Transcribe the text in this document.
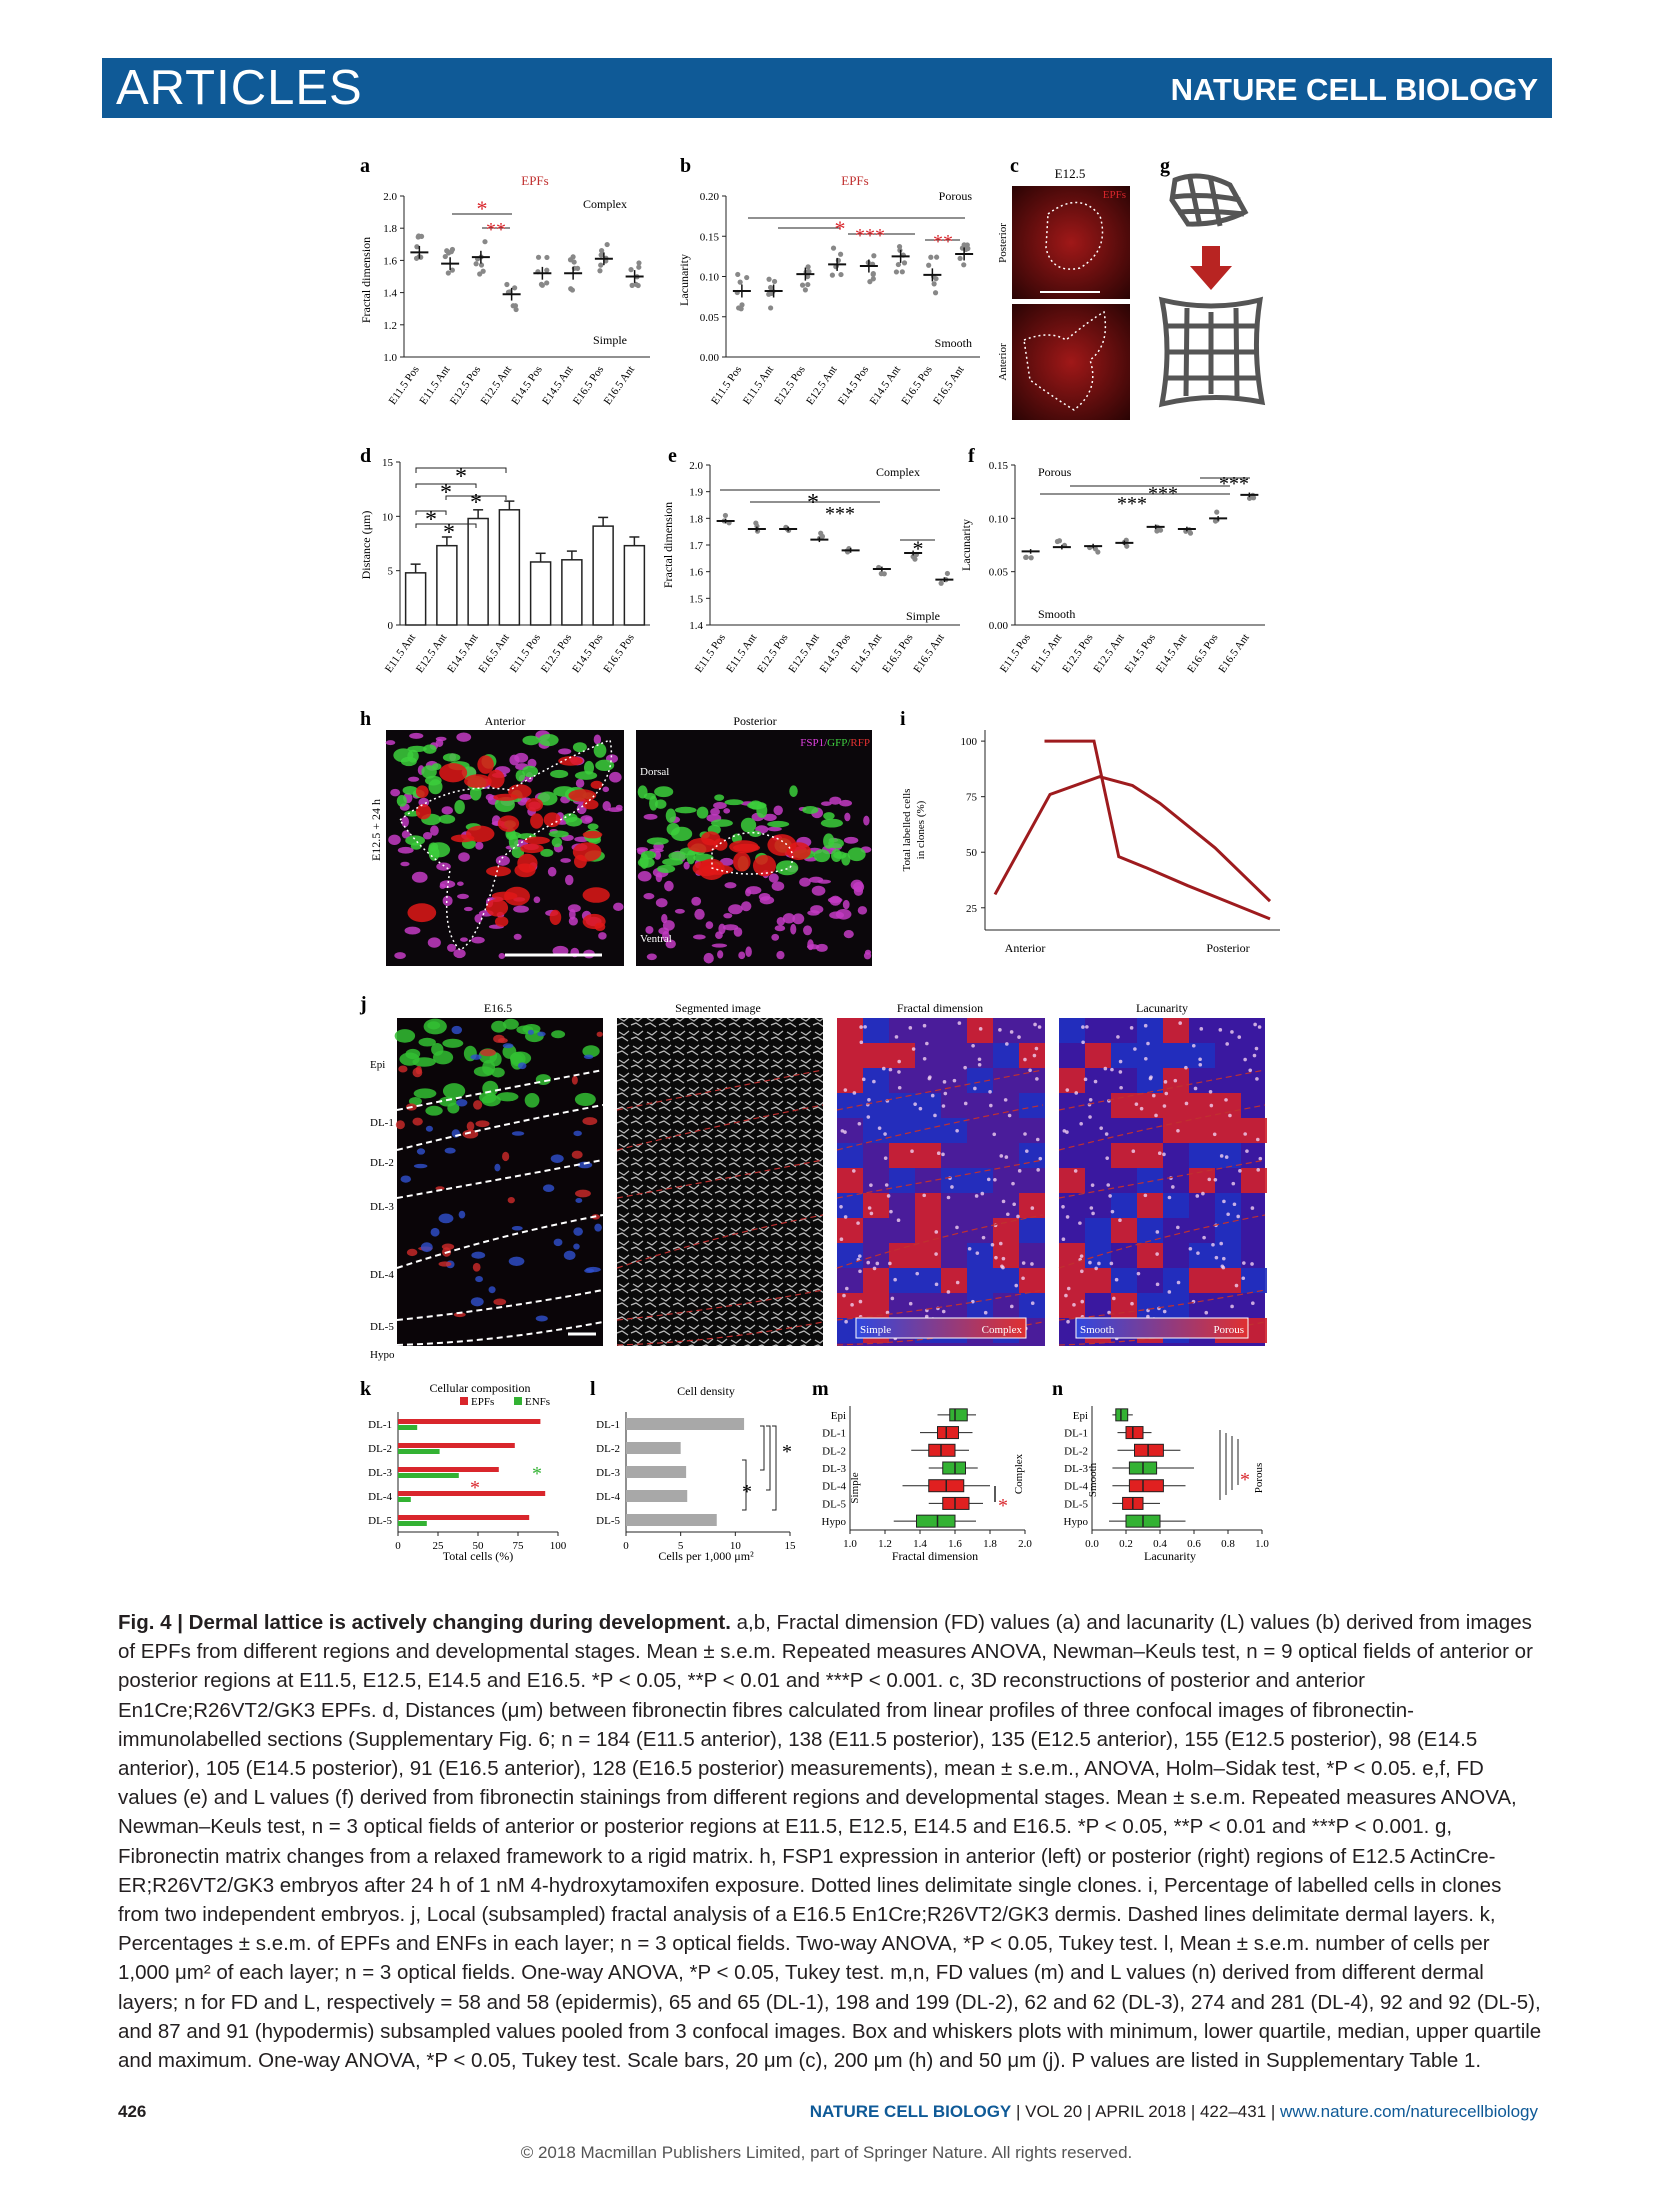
ARTICLES	NATURE CELL BIOLOGY
a	b	c	g
d	e	f
h	i
j
k	l	m	n
EPFs
Complex
Simple
Fractal dimension
2.0
1.8
1.6
1.4
1.2
1.0
E11.5 Pos
E11.5 Ant
E12.5 Pos
E12.5 Ant
E14.5 Pos
E14.5 Ant
E16.5 Pos
E16.5 Ant
*
**
EPFs
Porous
Smooth
Lacunarity
0.20
0.15
0.10
0.05
0.00
E11.5 Pos
E11.5 Ant
E12.5 Pos
E12.5 Ant
E14.5 Pos
E14.5 Ant
E16.5 Pos
E16.5 Ant
* *** **
E12.5
EPFs
Posterior
Anterior
Distance (μm)
15
10
5
0
E11.5 Ant
E12.5 Ant
E14.5 Ant
E16.5 Ant
E11.5 Pos
E12.5 Pos
E14.5 Pos
E16.5 Pos
*
* *
* *	Fractal dimension
Complex
Simple
2.0
1.9
1.8
1.7
1.6
1.5
1.4
E11.5 Pos
E11.5 Ant
E12.5 Pos
E12.5 Ant
E14.5 Pos
E14.5 Ant
E16.5 Pos
E16.5 Ant
* ***
*	Lacunarity
Porous
Smooth
0.15
0.10
0.05
0.00
E11.5 Pos
E11.5 Ant
E12.5 Pos
E12.5 Ant
E14.5 Pos
E14.5 Ant
E16.5 Pos
E16.5 Ant
*** *** ***
Anterior	Posterior
E12.5 + 24 h
FSP1/GFP/RFP
Dorsal
Ventral
Total labelled cells in clones (%)
100
75
50
25
Anterior	Posterior
E16.5	Segmented image	Fractal dimension	Lacunarity
Epi
DL-1
DL-2
DL-3
DL-4
DL-5
Hypo
Simple	Complex	Smooth	Porous
Cellular composition
EPFs	ENFs
0	25	50	75 100
DL-1
DL-2
DL-3
DL-4
DL-5
*
*
Total cells (%)
Cell density
0	5	10	15
DL-1
DL-2
DL-3
DL-4
DL-5
*
*
Cells per 1,000 μm²
1.0 1.2 1.4 1.6 1.8 2.0
Epi
DL-1
DL-2
DL-3
DL-4
DL-5
Hypo
*
Simple	Complex
Fractal dimension
0.0 0.2 0.4 0.6 0.8 1.0
Epi
DL-1
DL-2
DL-3
DL-4
DL-5
Hypo
*
Smooth	Porous
Lacunarity
Fig. 4 | Dermal lattice is actively changing during development. a,b, Fractal dimension (FD) values (a) and lacunarity (L) values (b) derived from images of EPFs from different regions and developmental stages. Mean ± s.e.m. Repeated measures ANOVA, Newman–Keuls test, n = 9 optical fields of anterior or posterior regions at E11.5, E12.5, E14.5 and E16.5. *P < 0.05, **P < 0.01 and ***P < 0.001. c, 3D reconstructions of posterior and anterior En1Cre;R26VT2/GK3 EPFs. d, Distances (μm) between fibronectin fibres calculated from linear profiles of three confocal images of fibronectin-immunolabelled sections (Supplementary Fig. 6; n = 184 (E11.5 anterior), 138 (E11.5 posterior), 135 (E12.5 anterior), 155 (E12.5 posterior), 98 (E14.5 anterior), 105 (E14.5 posterior), 91 (E16.5 anterior), 128 (E16.5 posterior) measurements), mean ± s.e.m., ANOVA, Holm–Sidak test, *P < 0.05. e,f, FD values (e) and L values (f) derived from fibronectin stainings from different regions and developmental stages. Mean ± s.e.m. Repeated measures ANOVA, Newman–Keuls test, n = 3 optical fields of anterior or posterior regions at E11.5, E12.5, E14.5 and E16.5. *P < 0.05, **P < 0.01 and ***P < 0.001. g, Fibronectin matrix changes from a relaxed framework to a rigid matrix. h, FSP1 expression in anterior (left) or posterior (right) regions of E12.5 ActinCre-ER;R26VT2/GK3 embryos after 24 h of 1 nM 4-hydroxytamoxifen exposure. Dotted lines delimitate single clones. i, Percentage of labelled cells in clones from two independent embryos. j, Local (subsampled) fractal analysis of a E16.5 En1Cre;R26VT2/GK3 dermis. Dashed lines delimitate dermal layers. k, Percentages ± s.e.m. of EPFs and ENFs in each layer; n = 3 optical fields. Two-way ANOVA, *P < 0.05, Tukey test. l, Mean ± s.e.m. number of cells per 1,000 μm² of each layer; n = 3 optical fields. One-way ANOVA, *P < 0.05, Tukey test. m,n, FD values (m) and L values (n) derived from different dermal layers; n for FD and L, respectively = 58 and 58 (epidermis), 65 and 65 (DL-1), 198 and 199 (DL-2), 62 and 62 (DL-3), 274 and 281 (DL-4), 92 and 92 (DL-5), and 87 and 91 (hypodermis) subsampled values pooled from 3 confocal images. Box and whiskers plots with minimum, lower quartile, median, upper quartile and maximum. One-way ANOVA, *P < 0.05, Tukey test. Scale bars, 20 μm (c), 200 μm (h) and 50 μm (j). P values are listed in Supplementary Table 1.
426	NATURE CELL BIOLOGY | VOL 20 | APRIL 2018 | 422–431 | www.nature.com/naturecellbiology
© 2018 Macmillan Publishers Limited, part of Springer Nature. All rights reserved.
